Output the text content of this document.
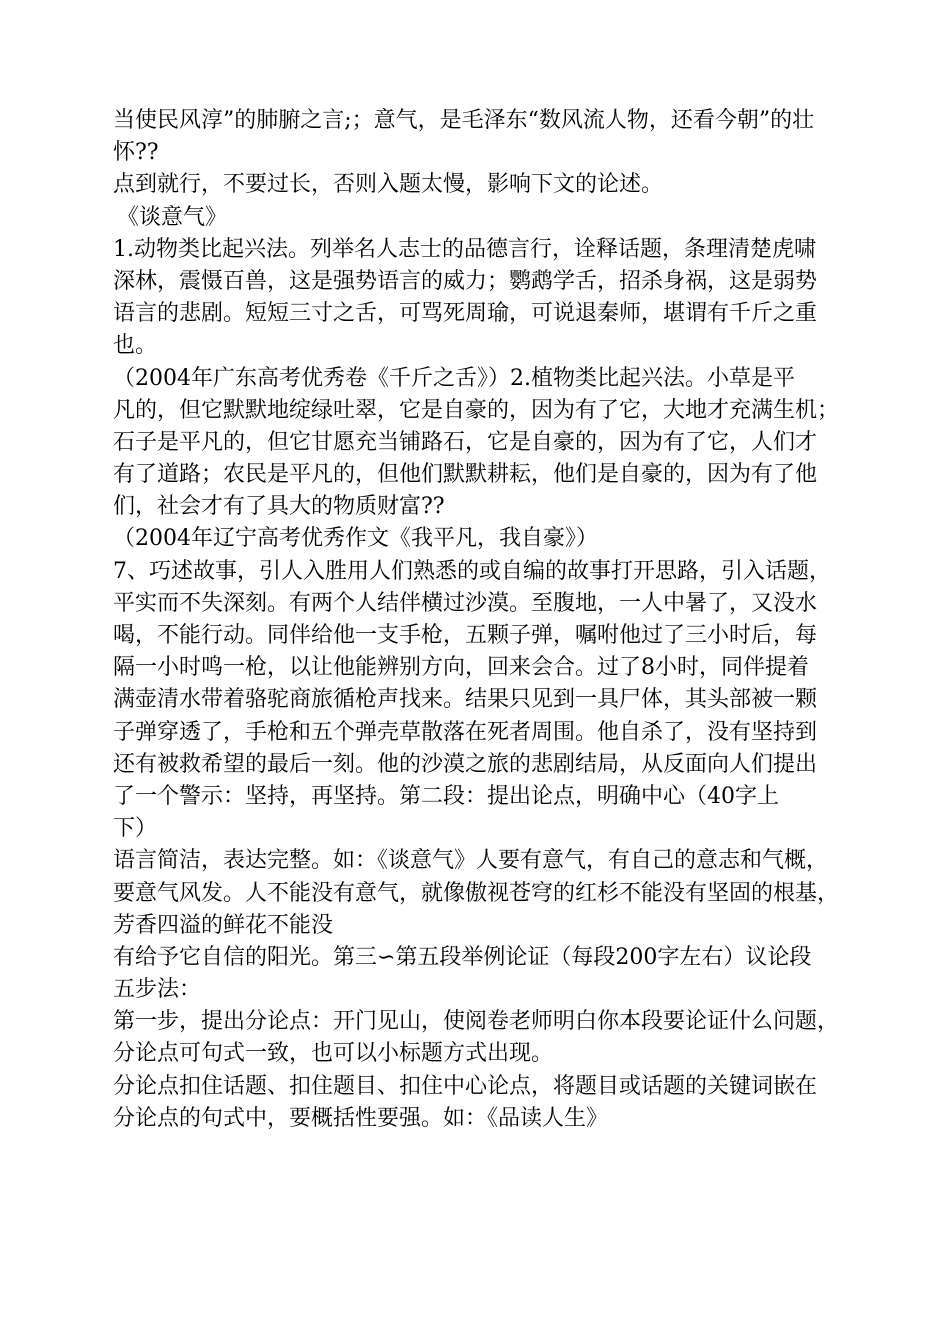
当使民风淳”的肺腑之言;；意气，是毛泽东“数风流人物，还看今朝”的壮
怀??
点到就行，不要过长，否则入题太慢，影响下文的论述。
《谈意气》
1.动物类比起兴法。列举名人志士的品德言行，诠释话题，条理清楚虎啸
深林，震慑百兽，这是强势语言的威力；鹦鹉学舌，招杀身祸，这是弱势
语言的悲剧。短短三寸之舌，可骂死周瑜，可说退秦师，堪谓有千斤之重
也。
（2004年广东高考优秀卷《千斤之舌》）2.植物类比起兴法。小草是平
凡的，但它默默地绽绿吐翠，它是自豪的，因为有了它，大地才充满生机；
石子是平凡的，但它甘愿充当铺路石，它是自豪的，因为有了它，人们才
有了道路；农民是平凡的，但他们默默耕耘，他们是自豪的，因为有了他
们，社会才有了具大的物质财富??
（2004年辽宁高考优秀作文《我平凡，我自豪》）
7、巧述故事，引人入胜用人们熟悉的或自编的故事打开思路，引入话题，
平实而不失深刻。有两个人结伴横过沙漠。至腹地，一人中暑了，又没水
喝，不能行动。同伴给他一支手枪，五颗子弹，嘱咐他过了三小时后，每
隔一小时鸣一枪，以让他能辨别方向，回来会合。过了8小时，同伴提着
满壶清水带着骆驼商旅循枪声找来。结果只见到一具尸体，其头部被一颗
子弹穿透了，手枪和五个弹壳草散落在死者周围。他自杀了，没有坚持到
还有被救希望的最后一刻。他的沙漠之旅的悲剧结局，从反面向人们提出
了一个警示：坚持，再坚持。第二段：提出论点，明确中心（40字上
下）
语言简洁，表达完整。如：《谈意气》人要有意气，有自己的意志和气概，
要意气风发。人不能没有意气，就像傲视苍穹的红杉不能没有坚固的根基，
芳香四溢的鲜花不能没
有给予它自信的阳光。第三∽第五段举例论证（每段200字左右）议论段
五步法：
第一步，提出分论点：开门见山，使阅卷老师明白你本段要论证什么问题，
分论点可句式一致，也可以小标题方式出现。
分论点扣住话题、扣住题目、扣住中心论点，将题目或话题的关键词嵌在
分论点的句式中，要概括性要强。如：《品读人生》
